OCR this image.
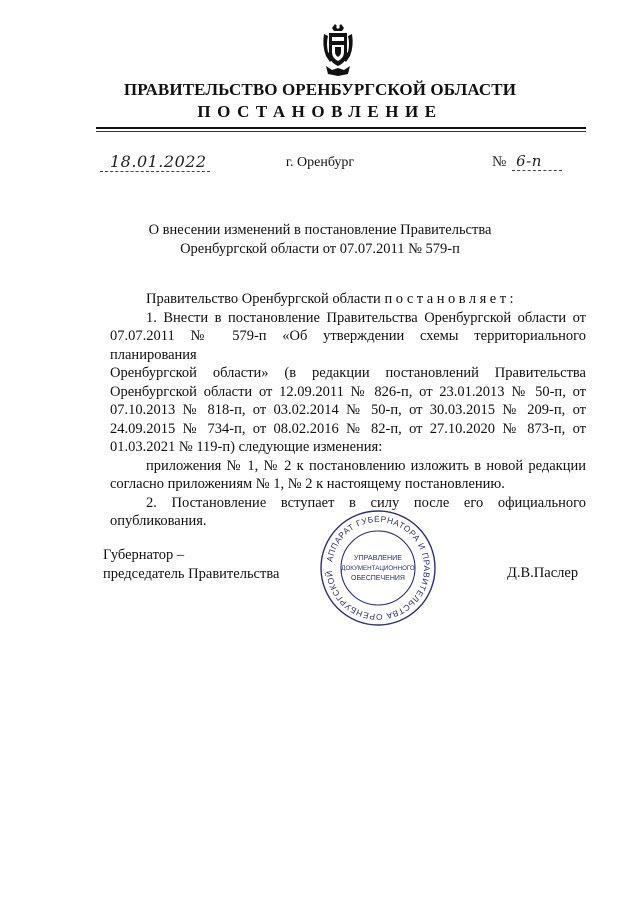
ПРАВИТЕЛЬСТВО ОРЕНБУРГСКОЙ ОБЛАСТИ
ПОСТАНОВЛЕНИЕ
18.01.2022	г. Оренбург	№ 6-п
О внесении изменений в постановление Правительства
Оренбургской области от 07.07.2011 № 579-п

Правительство Оренбургской области постановляет:

1. Внести в постановление Правительства Оренбургской области от

07.07.2011 № 579-п «Об утверждении схемы территориального планирования

Оренбургской области» (в редакции постановлений Правительства

Оренбургской области от 12.09.2011 № 826-п, от 23.01.2013 № 50-п, от

07.10.2013 № 818-п, от 03.02.2014 № 50-п, от 30.03.2015 № 209-п, от

24.09.2015 № 734-п, от 08.02.2016 № 82-п, от 27.10.2020 № 873-п, от

01.03.2021 № 119-п) следующие изменения:

приложения № 1, № 2 к постановлению изложить в новой редакции

согласно приложениям № 1, № 2 к настоящему постановлению.

2. Постановление вступает в силу после его официального

опубликования.

Губернатор –
председатель Правительства	Д.В.Паслер
АППАРАТ ГУБЕРНАТОРА И ПРАВИТЕЛЬСТВА ОРЕНБУРГСКОЙ
УПРАВЛЕНИЕ
ДОКУМЕНТАЦИОННОГО
ОБЕСПЕЧЕНИЯ
